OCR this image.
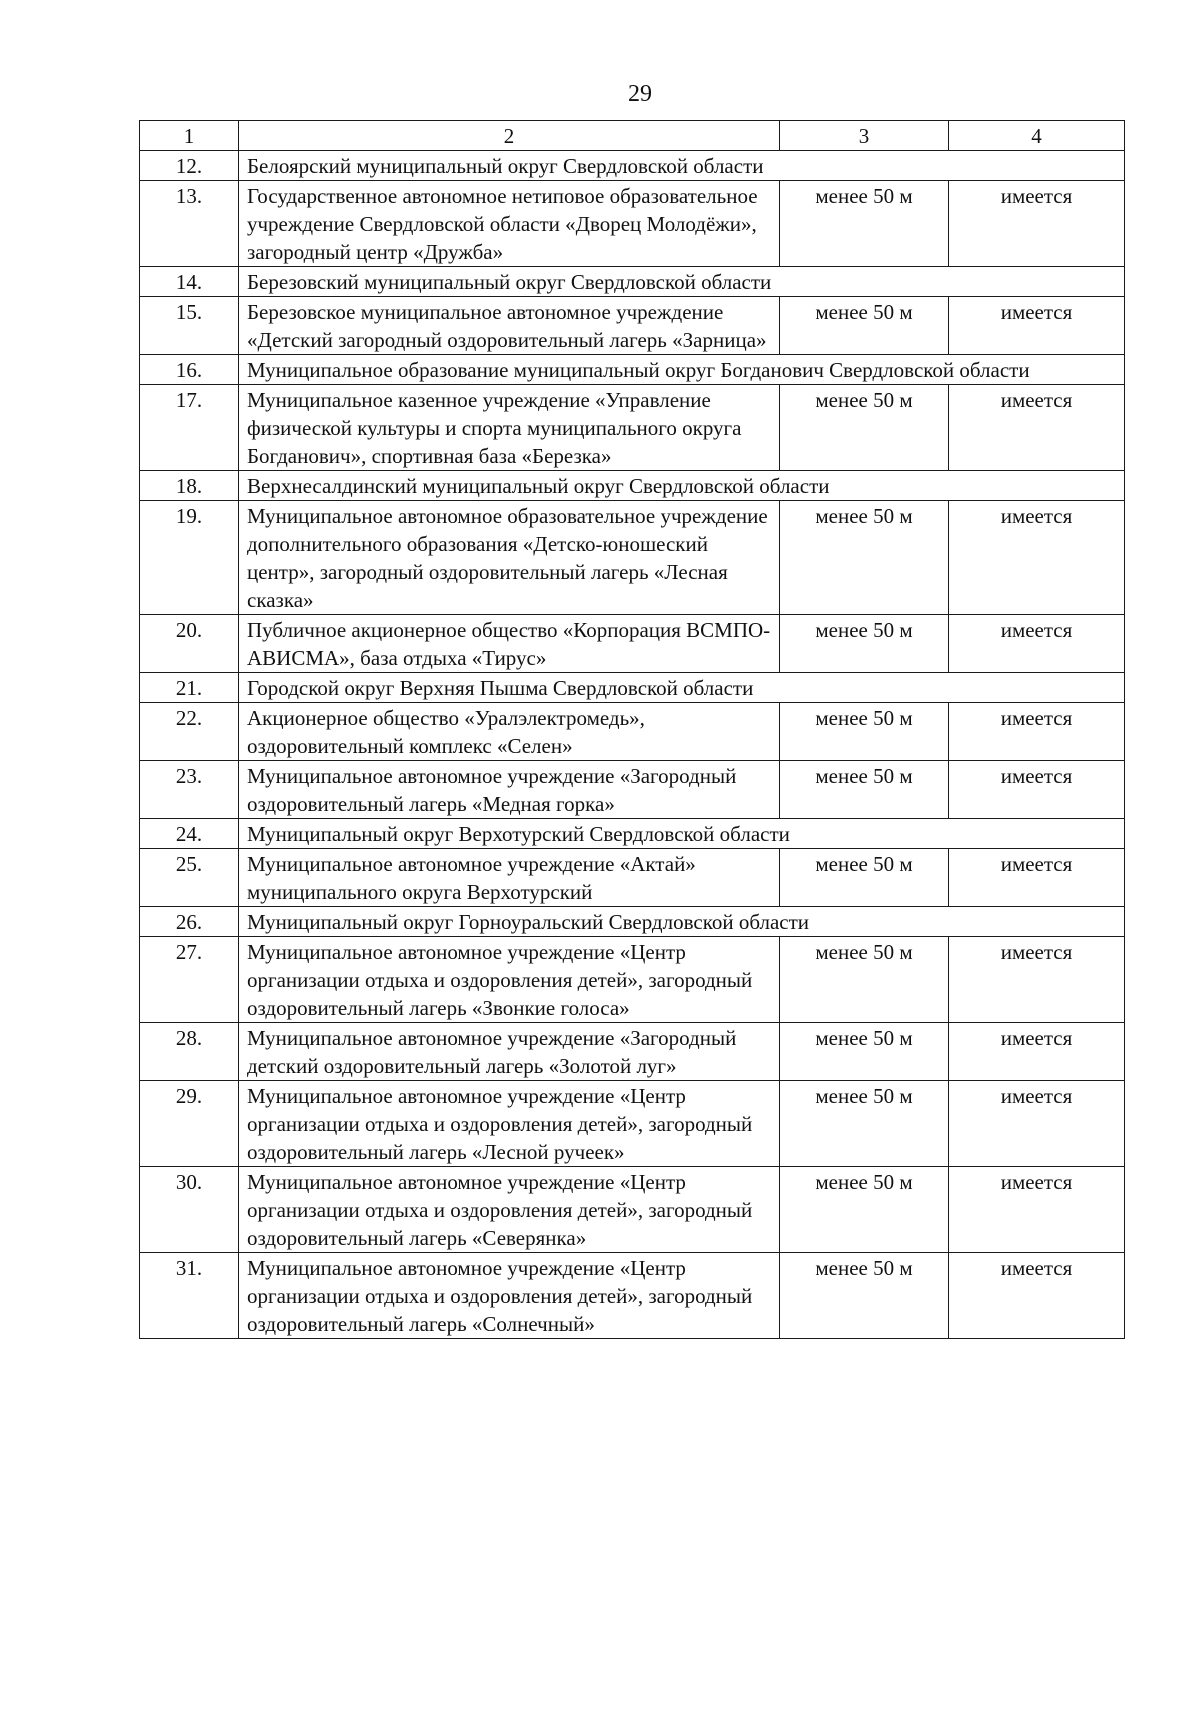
29
1	2	3	4
12.	Белоярский муниципальный округ Свердловской области		
13.	Государственное автономное нетиповое образовательное учреждение Свердловской области «Дворец Молодёжи», загородный центр «Дружба»	менее 50 м	имеется
14.	Березовский муниципальный округ Свердловской области		
15.	Березовское муниципальное автономное учреждение «Детский загородный оздоровительный лагерь «Зарница»	менее 50 м	имеется
16.	Муниципальное образование муниципальный округ Богданович Свердловской области		
17.	Муниципальное казенное учреждение «Управление физической культуры и спорта муниципального округа Богданович», спортивная база «Березка»	менее 50 м	имеется
18.	Верхнесалдинский муниципальный округ Свердловской области		
19.	Муниципальное автономное образовательное учреждение дополнительного образования «Детско-юношеский центр», загородный оздоровительный лагерь «Лесная сказка»	менее 50 м	имеется
20.	Публичное акционерное общество «Корпорация ВСМПО-АВИСМА», база отдыха «Тирус»	менее 50 м	имеется
21.	Городской округ Верхняя Пышма Свердловской области		
22.	Акционерное общество «Уралэлектромедь», оздоровительный комплекс «Селен»	менее 50 м	имеется
23.	Муниципальное автономное учреждение «Загородный оздоровительный лагерь «Медная горка»	менее 50 м	имеется
24.	Муниципальный округ Верхотурский Свердловской области		
25.	Муниципальное автономное учреждение «Актай» муниципального округа Верхотурский	менее 50 м	имеется
26.	Муниципальный округ Горноуральский Свердловской области		
27.	Муниципальное автономное учреждение «Центр организации отдыха и оздоровления детей», загородный оздоровительный лагерь «Звонкие голоса»	менее 50 м	имеется
28.	Муниципальное автономное учреждение «Загородный детский оздоровительный лагерь «Золотой луг»	менее 50 м	имеется
29.	Муниципальное автономное учреждение «Центр организации отдыха и оздоровления детей», загородный оздоровительный лагерь «Лесной ручеек»	менее 50 м	имеется
30.	Муниципальное автономное учреждение «Центр организации отдыха и оздоровления детей», загородный оздоровительный лагерь «Северянка»	менее 50 м	имеется
31.	Муниципальное автономное учреждение «Центр организации отдыха и оздоровления детей», загородный оздоровительный лагерь «Солнечный»	менее 50 м	имеется
